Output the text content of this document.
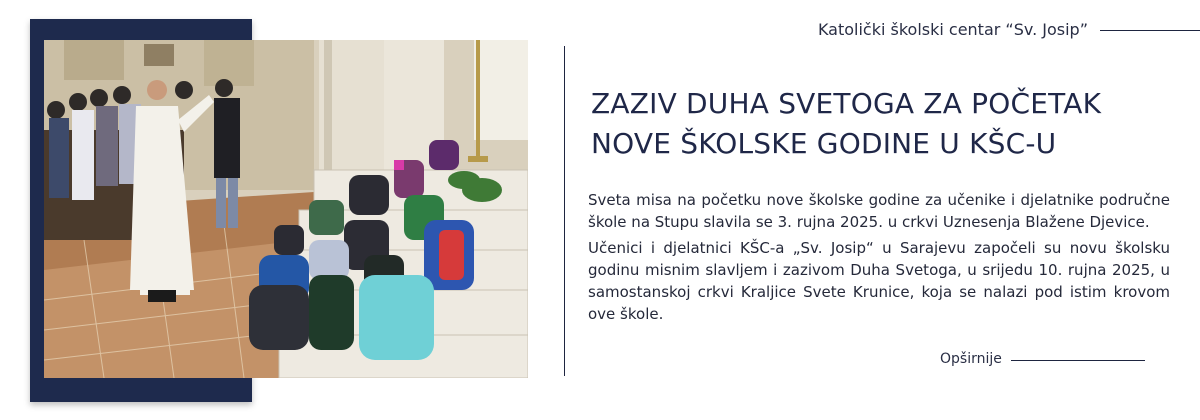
Katolički školski centar “Sv. Josip”
ZAZIV DUHA SVETOGA ZA POČETAK NOVE ŠKOLSKE GODINE U KŠC-U

Sveta misa na početku nove školske godine za učenike i djelatnike područne škole na Stupu slavila se 3. rujna 2025. u crkvi Uznesenja Blažene Djevice.

Učenici i djelatnici KŠC-a „Sv. Josip“ u Sarajevu započeli su novu školsku godinu misnim slavljem i zazivom Duha Svetoga, u srijedu 10. rujna 2025, u samostanskoj crkvi Kraljice Svete Krunice, koja se nalazi pod istim krovom ove škole.

Opširnije
